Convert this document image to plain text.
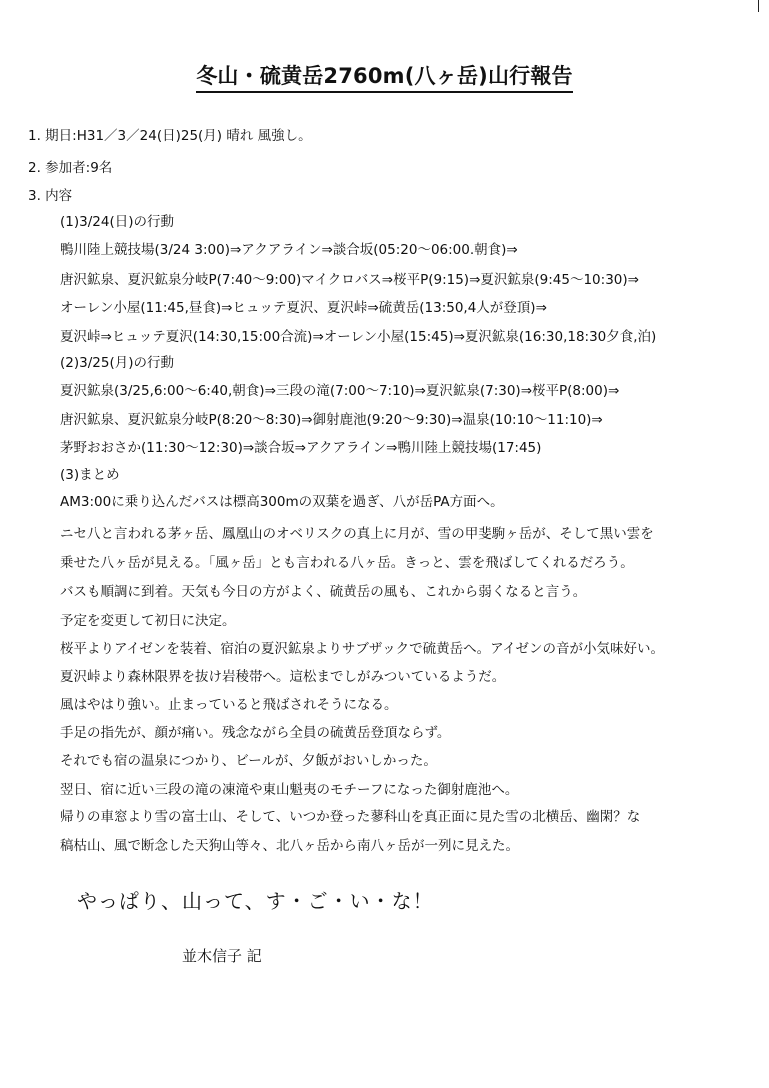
冬山・硫黄岳2760m(八ヶ岳)山行報告
1. 期日:H31／3／24(日)25(月) 晴れ 風強し。
2. 参加者:9名
3. 内容
(1)3/24(日)の行動
鴨川陸上競技場(3/24 3:00)⇒アクアライン⇒談合坂(05:20〜06:00.朝食)⇒
唐沢鉱泉、夏沢鉱泉分岐P(7:40〜9:00)マイクロバス⇒桜平P(9:15)⇒夏沢鉱泉(9:45〜10:30)⇒
オーレン小屋(11:45,昼食)⇒ヒュッテ夏沢、夏沢峠⇒硫黄岳(13:50,4人が登頂)⇒
夏沢峠⇒ヒュッテ夏沢(14:30,15:00合流)⇒オーレン小屋(15:45)⇒夏沢鉱泉(16:30,18:30夕食,泊)
(2)3/25(月)の行動
夏沢鉱泉(3/25,6:00〜6:40,朝食)⇒三段の滝(7:00〜7:10)⇒夏沢鉱泉(7:30)⇒桜平P(8:00)⇒
唐沢鉱泉、夏沢鉱泉分岐P(8:20〜8:30)⇒御射鹿池(9:20〜9:30)⇒温泉(10:10〜11:10)⇒
茅野おおさか(11:30〜12:30)⇒談合坂⇒アクアライン⇒鴨川陸上競技場(17:45)
(3)まとめ
AM3:00に乗り込んだバスは標高300mの双葉を過ぎ、八が岳PA方面へ。
ニセ八と言われる茅ヶ岳、鳳凰山のオベリスクの真上に月が、雪の甲斐駒ヶ岳が、そして黒い雲を
乗せた八ヶ岳が見える。「風ヶ岳」とも言われる八ヶ岳。きっと、雲を飛ばしてくれるだろう。
バスも順調に到着。天気も今日の方がよく、硫黄岳の風も、これから弱くなると言う。
予定を変更して初日に決定。
桜平よりアイゼンを装着、宿泊の夏沢鉱泉よりサブザックで硫黄岳へ。アイゼンの音が小気味好い。
夏沢峠より森林限界を抜け岩稜帯へ。這松までしがみついているようだ。
風はやはり強い。止まっていると飛ばされそうになる。
手足の指先が、顔が痛い。残念ながら全員の硫黄岳登頂ならず。
それでも宿の温泉につかり、ビールが、夕飯がおいしかった。
翌日、宿に近い三段の滝の凍滝や東山魁夷のモチーフになった御射鹿池へ。
帰りの車窓より雪の富士山、そして、いつか登った蓼科山を真正面に見た雪の北横岳、幽閑？な
稿枯山、風で断念した天狗山等々、北八ヶ岳から南八ヶ岳が一列に見えた。
やっぱり、山って、す・ご・い・な！
並木信子 記
